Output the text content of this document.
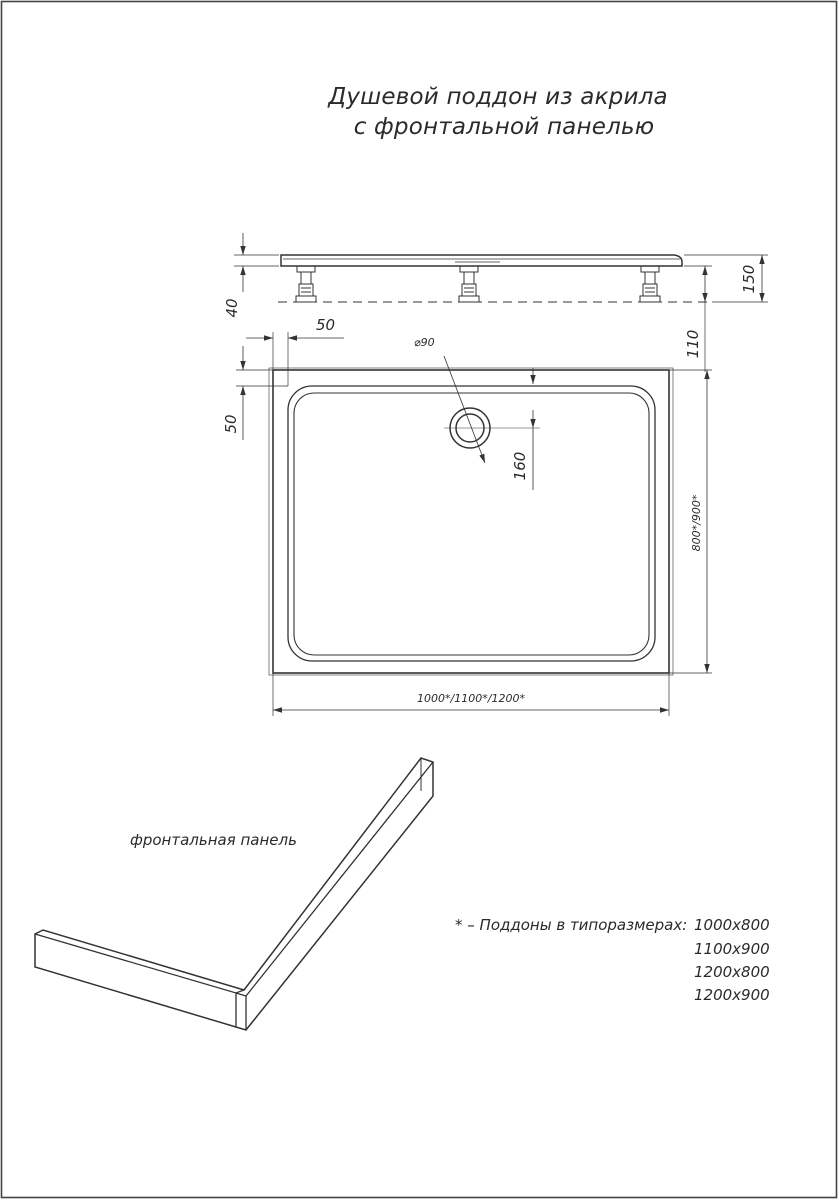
Душевой поддон из акрила
с фронтальной панелью
40
150
110
⌀90
160
50
50
800*/900*
1000*/1100*/1200*
фронтальная панель
* – Поддоны в типоразмерах: 1000x800
1100x900
1200x800
1200x900
